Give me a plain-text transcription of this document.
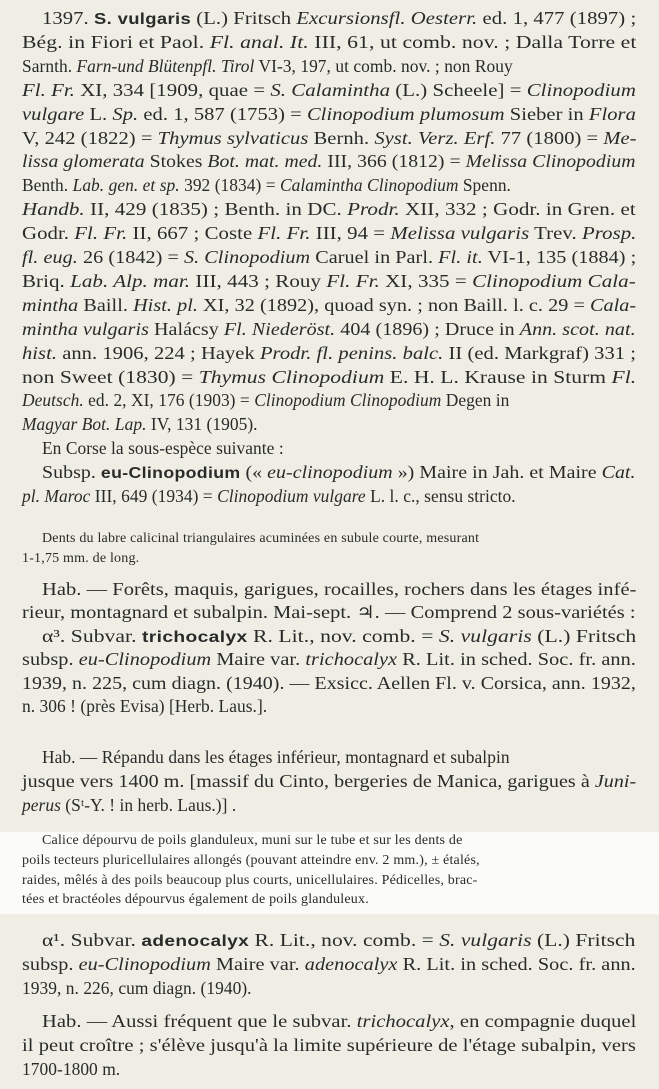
1397. S. vulgaris (L.) Fritsch Excursionsfl. Oesterr. ed. 1, 477 (1897) ;
Bég. in Fiori et Paol. Fl. anal. It. III, 61, ut comb. nov. ; Dalla Torre et
Sarnth. Farn-und Blütenpfl. Tirol VI-3, 197, ut comb. nov. ; non Rouy
Fl. Fr. XI, 334 [1909, quae = S. Calamintha (L.) Scheele] = Clinopodium
vulgare L. Sp. ed. 1, 587 (1753) = Clinopodium plumosum Sieber in Flora
V, 242 (1822) = Thymus sylvaticus Bernh. Syst. Verz. Erf. 77 (1800) = Me-
lissa glomerata Stokes Bot. mat. med. III, 366 (1812) = Melissa Clinopodium
Benth. Lab. gen. et sp. 392 (1834) = Calamintha Clinopodium Spenn.
Handb. II, 429 (1835) ; Benth. in DC. Prodr. XII, 332 ; Godr. in Gren. et
Godr. Fl. Fr. II, 667 ; Coste Fl. Fr. III, 94 = Melissa vulgaris Trev. Prosp.
fl. eug. 26 (1842) = S. Clinopodium Caruel in Parl. Fl. it. VI-1, 135 (1884) ;
Briq. Lab. Alp. mar. III, 443 ; Rouy Fl. Fr. XI, 335 = Clinopodium Cala-
mintha Baill. Hist. pl. XI, 32 (1892), quoad syn. ; non Baill. l. c. 29 = Cala-
mintha vulgaris Halácsy Fl. Niederöst. 404 (1896) ; Druce in Ann. scot. nat.
hist. ann. 1906, 224 ; Hayek Prodr. fl. penins. balc. II (ed. Markgraf) 331 ;
non Sweet (1830) = Thymus Clinopodium E. H. L. Krause in Sturm Fl.
Deutsch. ed. 2, XI, 176 (1903) = Clinopodium Clinopodium Degen in
Magyar Bot. Lap. IV, 131 (1905).
En Corse la sous-espèce suivante :
Subsp. eu-Clinopodium (« eu-clinopodium ») Maire in Jah. et Maire Cat.
pl. Maroc III, 649 (1934) = Clinopodium vulgare L. l. c., sensu stricto.
Dents du labre calicinal triangulaires acuminées en subule courte, mesurant
1-1,75 mm. de long.
Hab. — Forêts, maquis, garigues, rocailles, rochers dans les étages infé-
rieur, montagnard et subalpin. Mai-sept. ♃. — Comprend 2 sous-variétés :
α³. Subvar. trichocalyx R. Lit., nov. comb. = S. vulgaris (L.) Fritsch
subsp. eu-Clinopodium Maire var. trichocalyx R. Lit. in sched. Soc. fr. ann.
1939, n. 225, cum diagn. (1940). — Exsicc. Aellen Fl. v. Corsica, ann. 1932,
n. 306 ! (près Evisa) [Herb. Laus.].
Hab. — Répandu dans les étages inférieur, montagnard et subalpin
jusque vers 1400 m. [massif du Cinto, bergeries de Manica, garigues à Juni-
perus (Sᵗ-Y. ! in herb. Laus.)] .
Calice dépourvu de poils glanduleux, muni sur le tube et sur les dents de
poils tecteurs pluricellulaires allongés (pouvant atteindre env. 2 mm.), ± étalés,
raides, mêlés à des poils beaucoup plus courts, unicellulaires. Pédicelles, brac-
tées et bractéoles dépourvus également de poils glanduleux.
α¹. Subvar. adenocalyx R. Lit., nov. comb. = S. vulgaris (L.) Fritsch
subsp. eu-Clinopodium Maire var. adenocalyx R. Lit. in sched. Soc. fr. ann.
1939, n. 226, cum diagn. (1940).
Hab. — Aussi fréquent que le subvar. trichocalyx, en compagnie duquel
il peut croître ; s'élève jusqu'à la limite supérieure de l'étage subalpin, vers
1700-1800 m.
